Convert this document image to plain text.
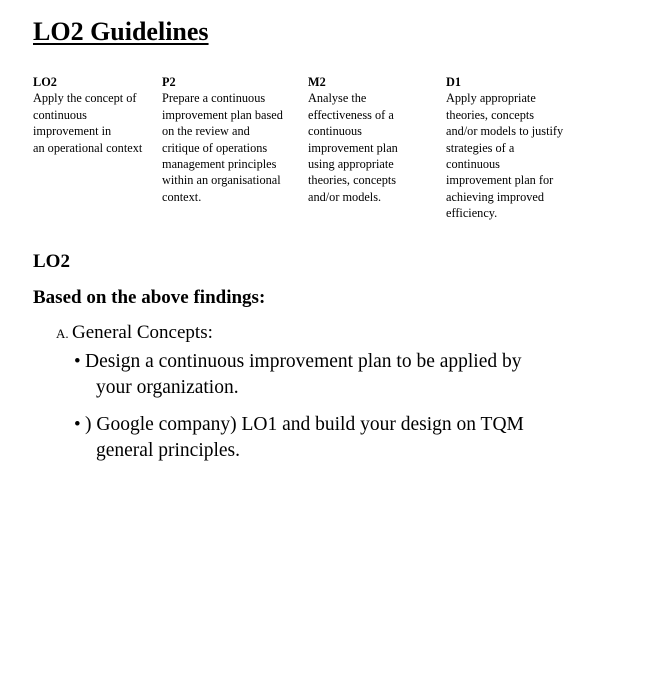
LO2 Guidelines
LO2
Apply the concept of
continuous
improvement in
an operational context
P2
Prepare a continuous
improvement plan based
on the review and
critique of operations
management principles
within an organisational
context.
M2
Analyse the
effectiveness of a
continuous
improvement plan
using appropriate
theories, concepts
and/or models.
D1
Apply appropriate
theories, concepts
and/or models to justify
strategies of a
continuous
improvement plan for
achieving improved
efficiency.
LO2
Based on the above findings:
A. General Concepts:
• Design a continuous improvement plan to be applied by
your organization.
• ) Google company) LO1 and build your design on TQM
general principles.
